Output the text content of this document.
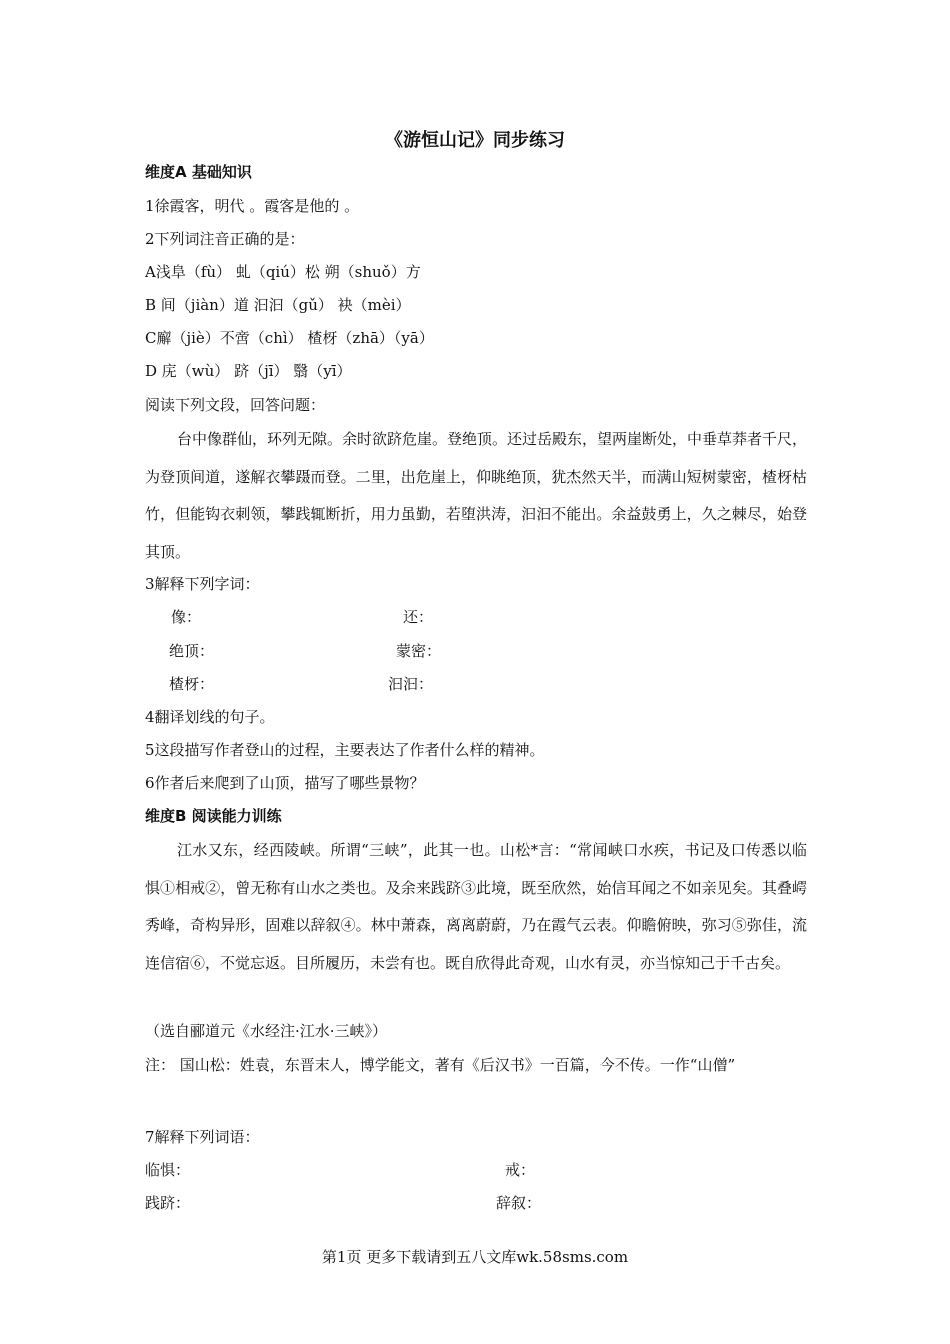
《游恒山记》同步练习
维度A 基础知识
1徐霞客，明代 。霞客是他的 。
2下列词注音正确的是：
A浅阜（fù） 虬（qiú）松 朔（shuǒ）方
B 间（jiàn）道 汩汩（gǔ） 袂（mèi）
C廨（jiè）不啻（chì） 楂枒（zhā）（yā）
D 庑（wù） 跻（jī） 翳（yī）
阅读下列文段，回答问题：
台中像群仙，环列无隙。余时欲跻危崖。登绝顶。还过岳殿东，望两崖断处，中垂草莽者千尺，为登顶间道，遂解衣攀蹑而登。二里，出危崖上，仰眺绝顶，犹杰然天半，而满山短树蒙密，楂枒枯竹，但能钩衣刺领，攀践辄断折，用力虽勤，若堕洪涛，汩汩不能出。余益鼓勇上，久之棘尽，始登其顶。
3解释下列字词：
像：	还：
绝顶：	蒙密：
楂枒：	汩汩：
4翻译划线的句子。
5这段描写作者登山的过程，主要表达了作者什么样的精神。
6作者后来爬到了山顶，描写了哪些景物？
维度B 阅读能力训练
江水又东，经西陵峡。所谓“三峡”，此其一也。山松*言：“常闻峡口水疾，书记及口传悉以临惧①相戒②，曾无称有山水之类也。及余来践跻③此境，既至欣然，始信耳闻之不如亲见矣。其叠崿秀峰，奇构异形，固难以辞叙④。林中萧森，离离蔚蔚，乃在霞气云表。仰瞻俯映，弥习⑤弥佳，流连信宿⑥，不觉忘返。目所履历，未尝有也。既自欣得此奇观，山水有灵，亦当惊知己于千古矣。
（选自郦道元《水经注·江水·三峡》）
注： 国山松：姓袁，东晋末人，博学能文，著有《后汉书》一百篇，今不传。一作“山僧”
7解释下列词语：
临惧：	戒：
践跻：	辞叙：
第1页 更多下载请到五八文库wk.58sms.com
